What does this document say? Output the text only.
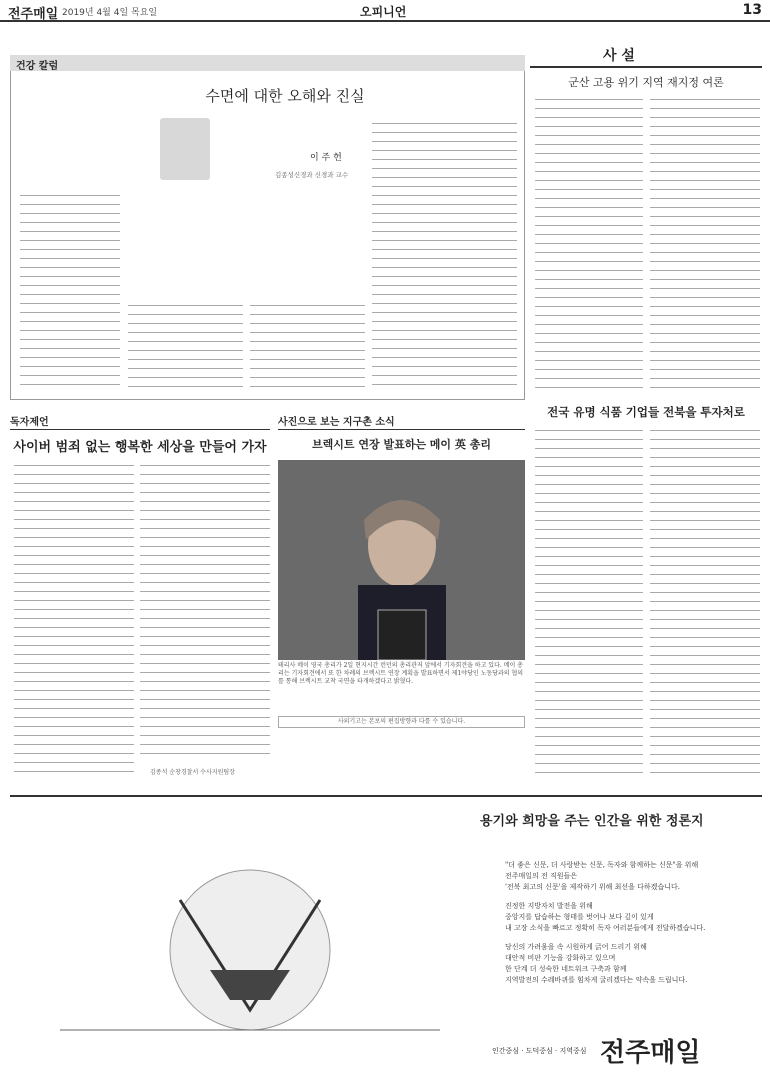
전주매일 2019년 4월 4일 목요일	오피니언	13
건강 칼럼
수면에 대한 오해와 진실
이 주 헌
김종성신경과 신경과 교수
사 설
군산 고용 위기 지역 재지정 여론
전국 유명 식품 기업들 전북을 투자처로
독자제언
사이버 범죄 없는 행복한 세상을 만들어 가자
김종석 순창경찰서 수사지원팀장
사진으로 보는 지구촌 소식
브렉시트 연장 발표하는 메이 英 총리
테리사 메이 영국 총리가 2일 현지시간 런던의 총리관저 앞에서 기자회견을 하고 있다. 메이 총리는 기자회견에서 또 한 차례의 브렉시트 연장 계획을 발표하면서 제1야당인 노동당과의 협의를 통해 브렉시트 교착 국면을 타개하겠다고 밝혔다.
사외기고는 본보의 편집방향과 다를 수 있습니다.
용기와 희망을 주는 인간을 위한 정론지
"더 좋은 신문, 더 사랑받는 신문, 독자와 함께하는 신문"을 위해
전주매일의 전 직원들은
'전북 최고의 신문'을 제작하기 위해 최선을 다하겠습니다.
진정한 지방자치 발전을 위해
중앙지를 답습하는 형태를 벗어나 보다 깊이 있게
내 고장 소식을 빠르고 정확히 독자 여러분들에게 전달하겠습니다.
당신의 가려움을 속 시원하게 긁어 드리기 위해
대안적 비판 기능을 강화하고 있으며
한 단계 더 성숙한 네트워크 구축과 함께
지역발전의 수레바퀴를 힘차게 굴리겠다는 약속을 드립니다.
인간중심 · 도덕중심 · 지역중심 전주매일
